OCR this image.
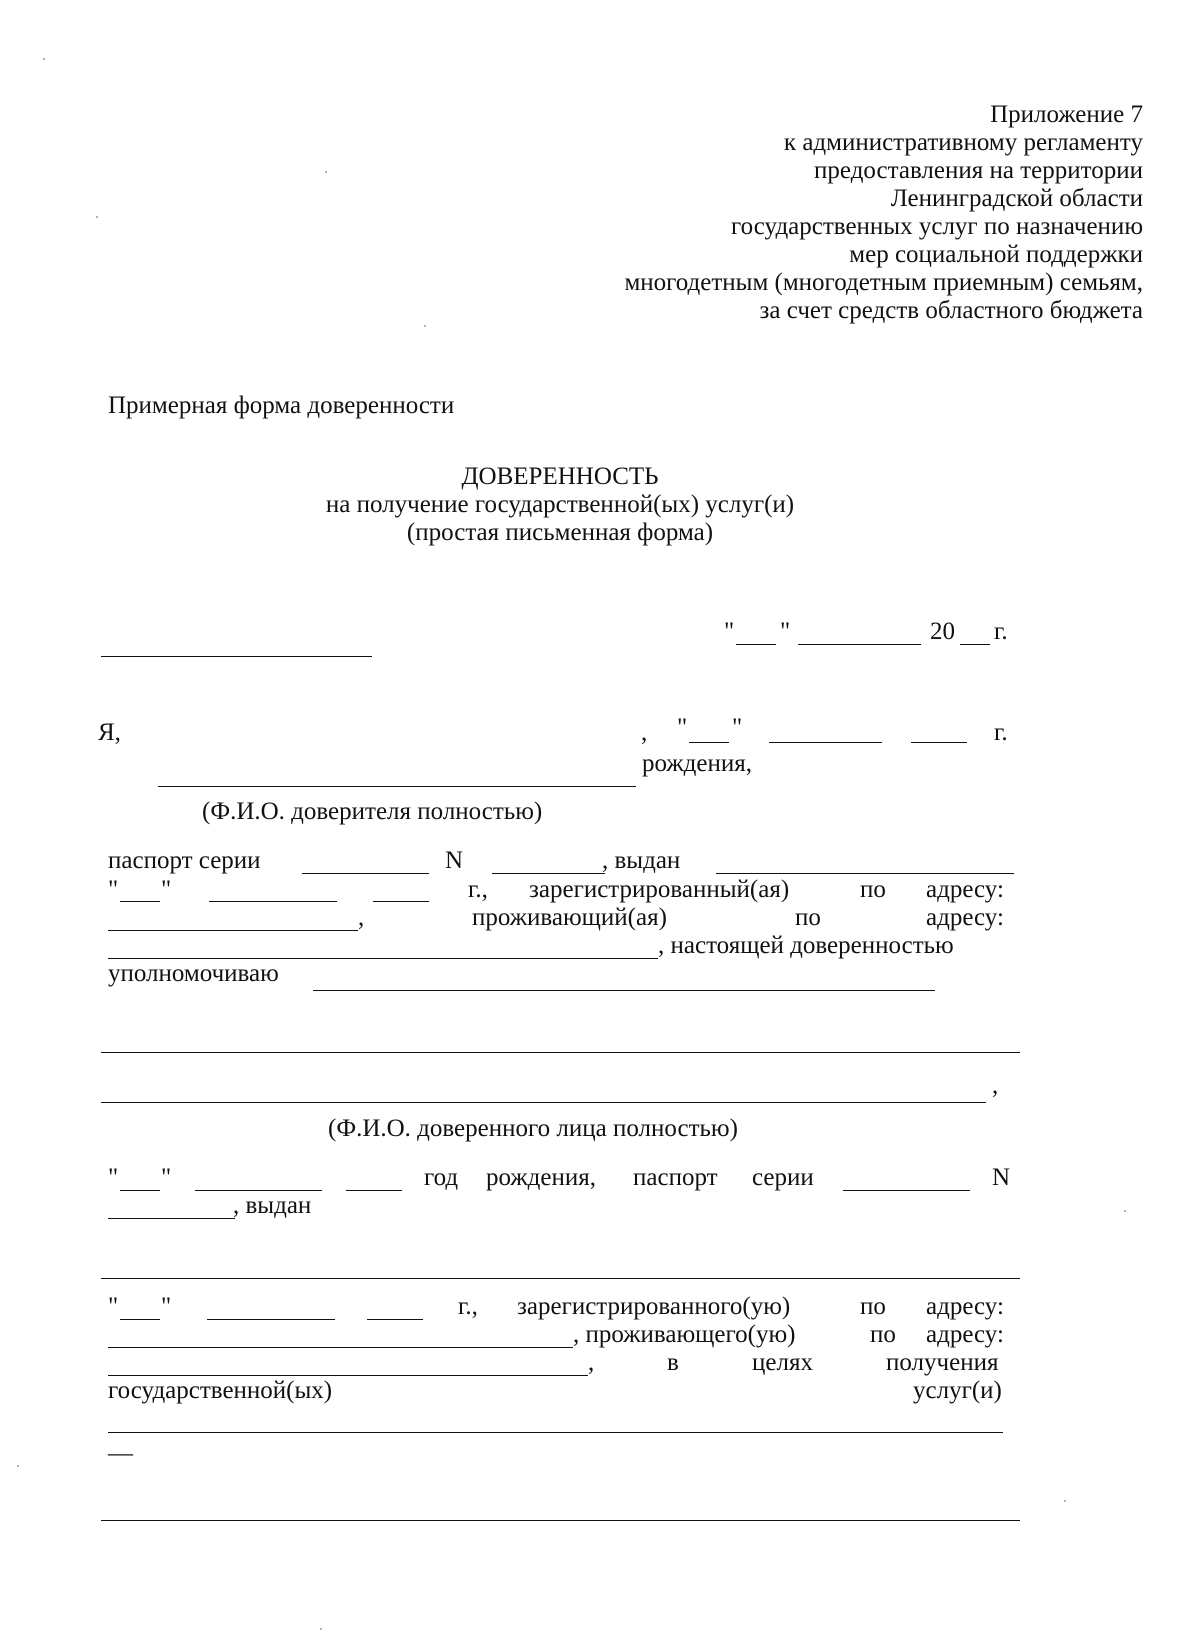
Приложение 7
к административному регламенту
предоставления на территории
Ленинградской области
государственных услуг по назначению
мер социальной поддержки
многодетным (многодетным приемным) семьям,
за счет средств областного бюджета
Примерная форма доверенности
ДОВЕРЕННОСТЬ
на получение государственной(ых) услуг(и)
(простая письменная форма)
" "	20 г.
Я,	, " "	г.
рождения,
(Ф.И.О. доверителя полностью)
паспорт серии	N	, выдан
" "	г., зарегистрированный(ая)	по адресу:
,	проживающий(ая)	по	адресу:
, настоящей доверенностью
уполномочиваю
,
(Ф.И.О. доверенного лица полностью)
" "	год рождения, паспорт серии	N
, выдан
" "	г., зарегистрированного(ую)	по адресу:
, проживающего(ую)	по адресу:
,	в	целях	получения
государственной(ых)	услуг(и)
—
